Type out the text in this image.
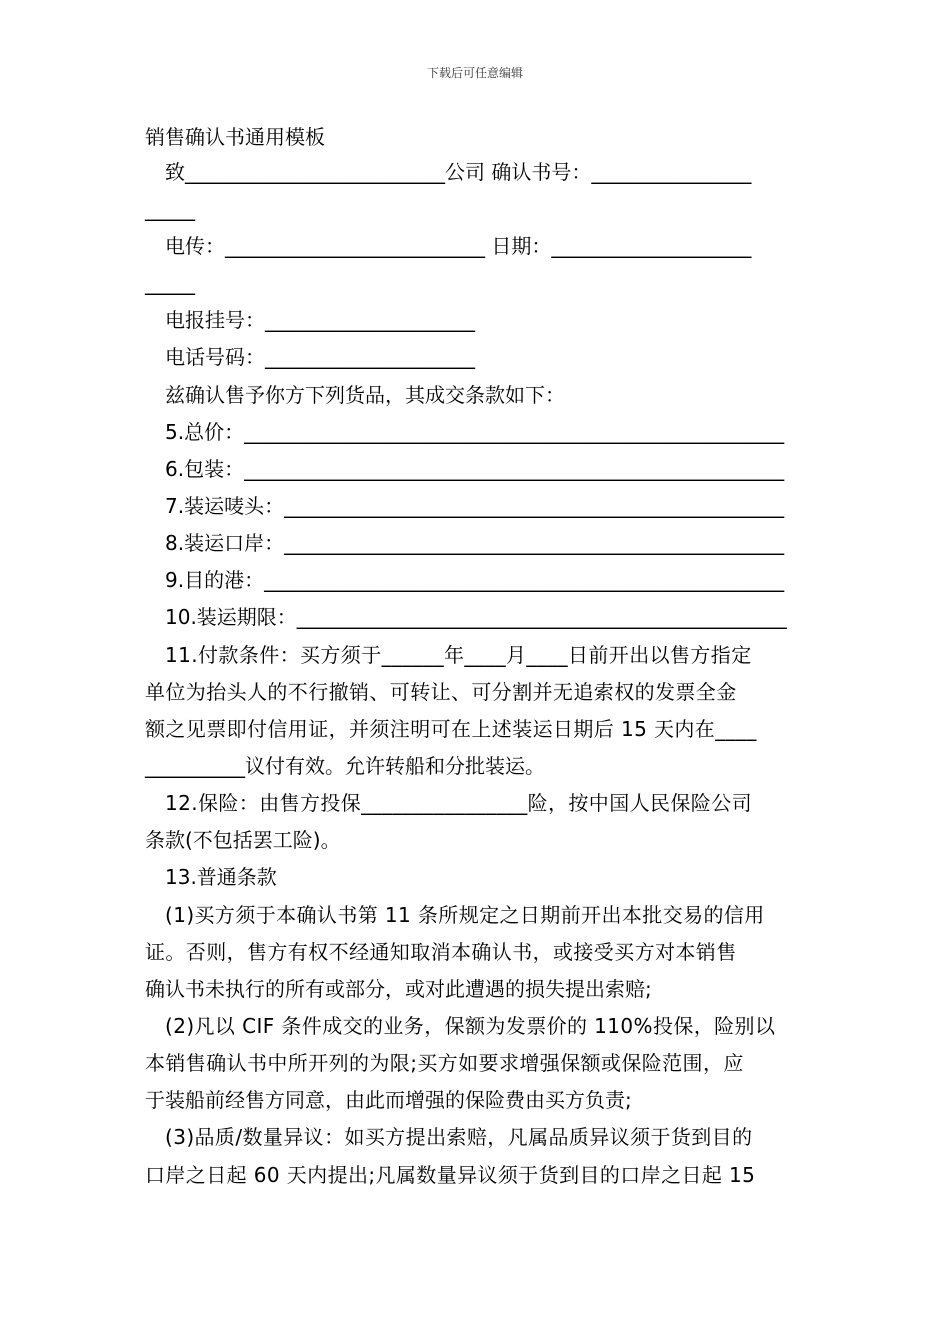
下载后可任意编辑
销售确认书通用模板
致__________________________公司 确认书号：________________
_____
电传：__________________________ 日期：____________________
_____
电报挂号：_____________________
电话号码：_____________________
兹确认售予你方下列货品，其成交条款如下：
5.总价：______________________________________________________
6.包装：______________________________________________________
7.装运唛头：__________________________________________________
8.装运口岸：__________________________________________________
9.目的港：____________________________________________________
10.装运期限：_________________________________________________
11.付款条件：买方须于______年____月____日前开出以售方指定
单位为抬头人的不行撤销、可转让、可分割并无追索权的发票全金
额之见票即付信用证，并须注明可在上述装运日期后 15 天内在____
__________议付有效。允许转船和分批装运。
12.保险：由售方投保________________险，按中国人民保险公司
条款(不包括罢工险)。
13.普通条款
(1)买方须于本确认书第 11 条所规定之日期前开出本批交易的信用
证。否则，售方有权不经通知取消本确认书，或接受买方对本销售
确认书未执行的所有或部分，或对此遭遇的损失提出索赔;
(2)凡以 CIF 条件成交的业务，保额为发票价的 110%投保，险别以
本销售确认书中所开列的为限;买方如要求增强保额或保险范围，应
于装船前经售方同意，由此而增强的保险费由买方负责;
(3)品质/数量异议：如买方提出索赔，凡属品质异议须于货到目的
口岸之日起 60 天内提出;凡属数量异议须于货到目的口岸之日起 15
